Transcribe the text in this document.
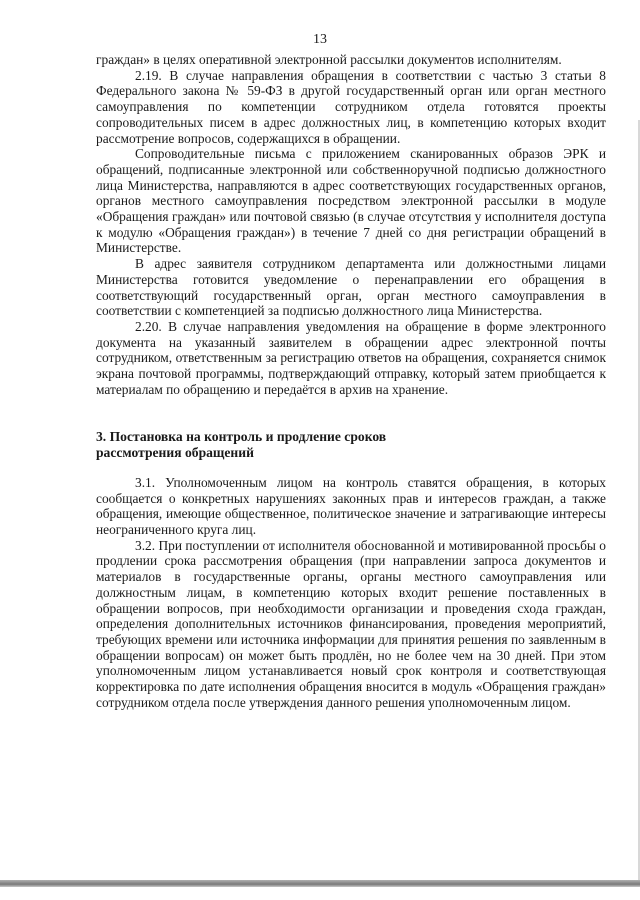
13

граждан» в целях оперативной электронной рассылки документов исполнителям.

2.19. В случае направления обращения в соответствии с частью 3 статьи 8 Федерального закона № 59-ФЗ в другой государственный орган или орган местного самоуправления по компетенции сотрудником отдела готовятся проекты сопроводительных писем в адрес должностных лиц, в компетенцию которых входит рассмотрение вопросов, содержащихся в обращении.

Сопроводительные письма с приложением сканированных образов ЭРК и обращений, подписанные электронной или собственноручной подписью должностного лица Министерства, направляются в адрес соответствующих государственных органов, органов местного самоуправления посредством электронной рассылки в модуле «Обращения граждан» или почтовой связью (в случае отсутствия у исполнителя доступа к модулю «Обращения граждан») в течение 7 дней со дня регистрации обращений в Министерстве.

В адрес заявителя сотрудником департамента или должностными лицами Министерства готовится уведомление о перенаправлении его обращения в соответствующий государственный орган, орган местного самоуправления в соответствии с компетенцией за подписью должностного лица Министерства.

2.20. В случае направления уведомления на обращение в форме электронного документа на указанный заявителем в обращении адрес электронной почты сотрудником, ответственным за регистрацию ответов на обращения, сохраняется снимок экрана почтовой программы, подтверждающий отправку, который затем приобщается к материалам по обращению и передаётся в архив на хранение.

3. Постановка на контроль и продление сроков

рассмотрения обращений

3.1. Уполномоченным лицом на контроль ставятся обращения, в которых сообщается о конкретных нарушениях законных прав и интересов граждан, а также обращения, имеющие общественное, политическое значение и затрагивающие интересы неограниченного круга лиц.

3.2. При поступлении от исполнителя обоснованной и мотивированной просьбы о продлении срока рассмотрения обращения (при направлении запроса документов и материалов в государственные органы, органы местного самоуправления или должностным лицам, в компетенцию которых входит решение поставленных в обращении вопросов, при необходимости организации и проведения схода граждан, определения дополнительных источников финансирования, проведения мероприятий, требующих времени или источника информации для принятия решения по заявленным в обращении вопросам) он может быть продлён, но не более чем на 30 дней. При этом уполномоченным лицом устанавливается новый срок контроля и соответствующая корректировка по дате исполнения обращения вносится в модуль «Обращения граждан» сотрудником отдела после утверждения данного решения уполномоченным лицом.
